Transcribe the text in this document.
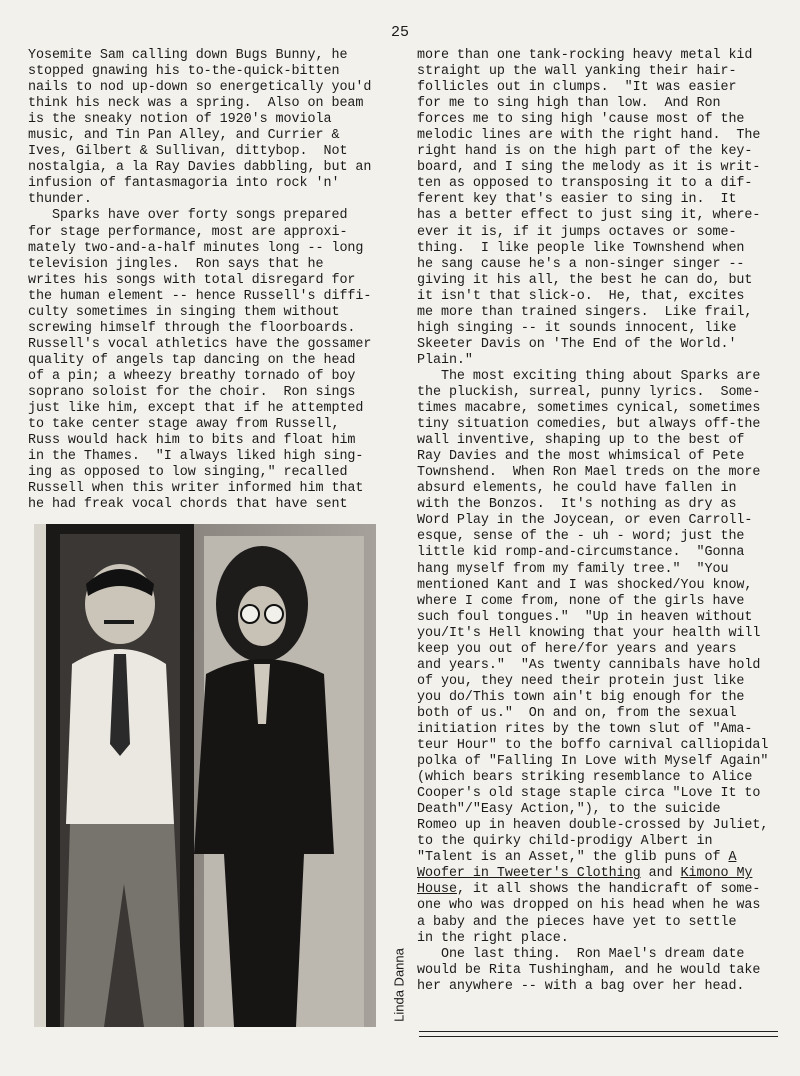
25
Yosemite Sam calling down Bugs Bunny, he
stopped gnawing his to-the-quick-bitten
nails to nod up-down so energetically you'd
think his neck was a spring.  Also on beam
is the sneaky notion of 1920's moviola
music, and Tin Pan Alley, and Currier &
Ives, Gilbert & Sullivan, dittybop.  Not
nostalgia, a la Ray Davies dabbling, but an
infusion of fantasmagoria into rock 'n'
thunder.
Sparks have over forty songs prepared
for stage performance, most are approxi-
mately two-and-a-half minutes long -- long
television jingles.  Ron says that he
writes his songs with total disregard for
the human element -- hence Russell's diffi-
culty sometimes in singing them without
screwing himself through the floorboards.
Russell's vocal athletics have the gossamer
quality of angels tap dancing on the head
of a pin; a wheezy breathy tornado of boy
soprano soloist for the choir.  Ron sings
just like him, except that if he attempted
to take center stage away from Russell,
Russ would hack him to bits and float him
in the Thames.  "I always liked high sing-
ing as opposed to low singing," recalled
Russell when this writer informed him that
he had freak vocal chords that have sent
more than one tank-rocking heavy metal kid
straight up the wall yanking their hair-
follicles out in clumps.  "It was easier
for me to sing high than low.  And Ron
forces me to sing high 'cause most of the
melodic lines are with the right hand.  The
right hand is on the high part of the key-
board, and I sing the melody as it is writ-
ten as opposed to transposing it to a dif-
ferent key that's easier to sing in.  It
has a better effect to just sing it, where-
ever it is, if it jumps octaves or some-
thing.  I like people like Townshend when
he sang cause he's a non-singer singer --
giving it his all, the best he can do, but
it isn't that slick-o.  He, that, excites
me more than trained singers.  Like frail,
high singing -- it sounds innocent, like
Skeeter Davis on 'The End of the World.'
Plain."
The most exciting thing about Sparks are
the pluckish, surreal, punny lyrics.  Some-
times macabre, sometimes cynical, sometimes
tiny situation comedies, but always off-the
wall inventive, shaping up to the best of
Ray Davies and the most whimsical of Pete
Townshend.  When Ron Mael treds on the more
absurd elements, he could have fallen in
with the Bonzos.  It's nothing as dry as
Word Play in the Joycean, or even Carroll-
esque, sense of the - uh - word; just the
little kid romp-and-circumstance.  "Gonna
hang myself from my family tree."  "You
mentioned Kant and I was shocked/You know,
where I come from, none of the girls have
such foul tongues."  "Up in heaven without
you/It's Hell knowing that your health will
keep you out of here/for years and years
and years."  "As twenty cannibals have hold
of you, they need their protein just like
you do/This town ain't big enough for the
both of us."  On and on, from the sexual
initiation rites by the town slut of "Ama-
teur Hour" to the boffo carnival calliopidal
polka of "Falling In Love with Myself Again"
(which bears striking resemblance to Alice
Cooper's old stage staple circa "Love It to
Death"/"Easy Action,"), to the suicide
Romeo up in heaven double-crossed by Juliet,
to the quirky child-prodigy Albert in
"Talent is an Asset," the glib puns of A
Woofer in Tweeter's Clothing and Kimono My
House, it all shows the handicraft of some-
one who was dropped on his head when he was
a baby and the pieces have yet to settle
in the right place.
One last thing.  Ron Mael's dream date
would be Rita Tushingham, and he would take
her anywhere -- with a bag over her head.
Linda Danna
